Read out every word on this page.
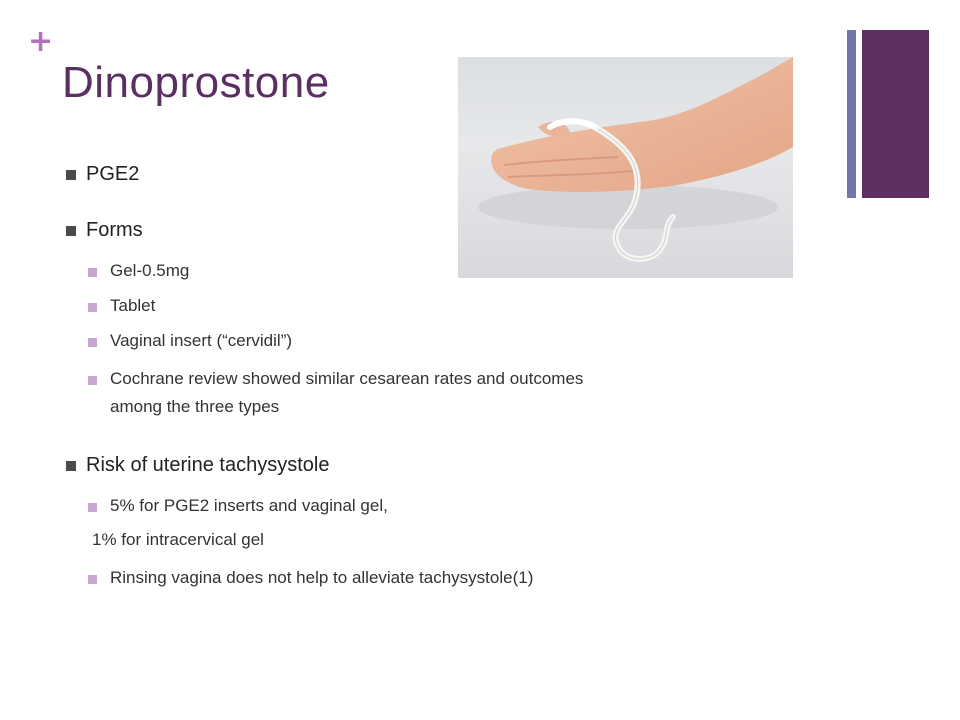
+
Dinoprostone
PGE2
Forms
Gel-0.5mg
Tablet
Vaginal insert (“cervidil”)
Cochrane review showed similar cesarean rates and outcomes
among the three types
Risk of uterine tachysystole
5% for PGE2 inserts and vaginal gel,
1% for intracervical gel
Rinsing vagina does not help to alleviate tachysystole(1)
